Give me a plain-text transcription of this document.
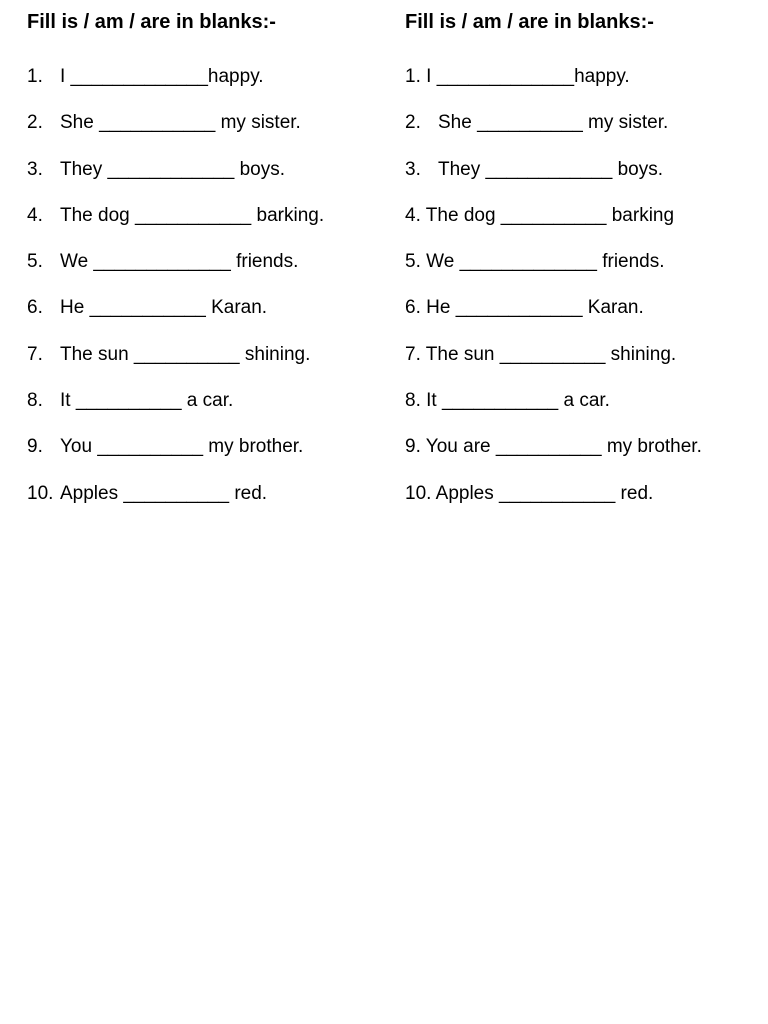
Fill is / am / are in blanks:-
1. I _____________happy.
2. She ___________ my sister.
3. They ____________ boys.
4. The dog ___________ barking.
5. We _____________ friends.
6. He ___________ Karan.
7. The sun __________ shining.
8. It __________ a car.
9. You __________ my brother.
10. Apples __________ red.
Fill is / am / are in blanks:-
1. I _____________happy.
2. She __________ my sister.
3. They ____________ boys.
4. The dog __________ barking
5. We _____________ friends.
6. He ____________ Karan.
7. The sun __________ shining.
8. It ___________ a car.
9. You are __________ my brother.
10. Apples ___________ red.
